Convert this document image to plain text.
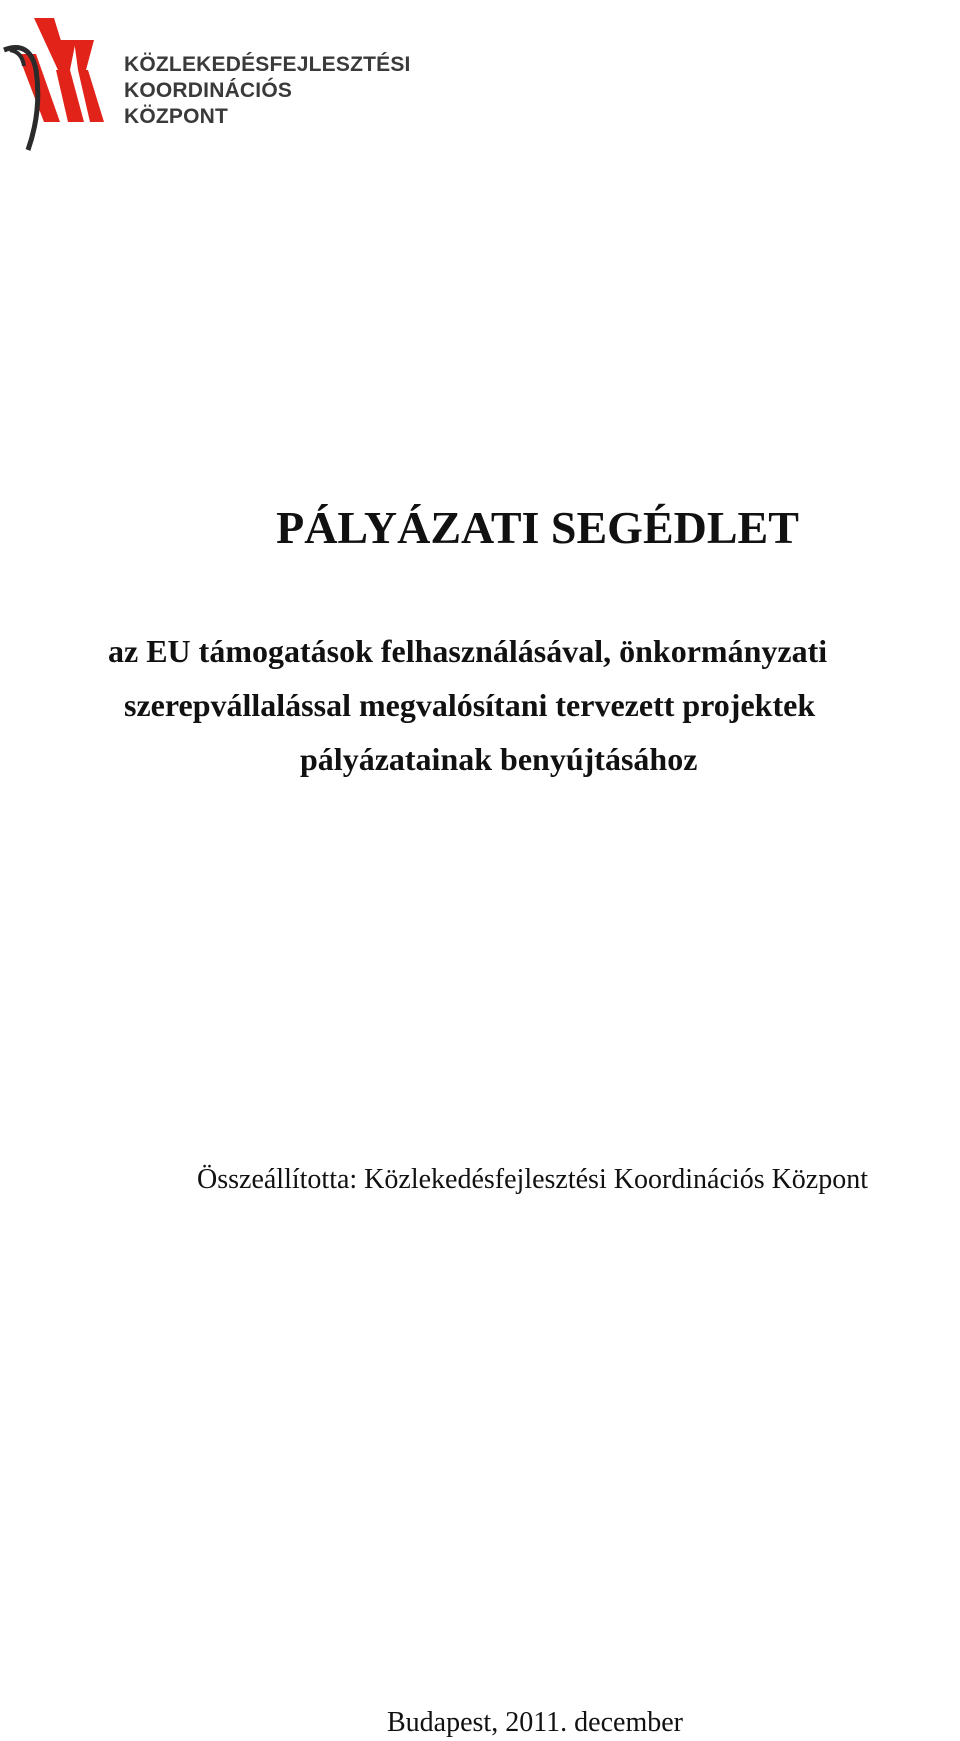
KÖZLEKEDÉSFEJLESZTÉSI
KOORDINÁCIÓS
KÖZPONT
PÁLYÁZATI SEGÉDLET
az EU támogatások felhasználásával, önkormányzati
szerepvállalással megvalósítani tervezett projektek
pályázatainak benyújtásához
Összeállította: Közlekedésfejlesztési Koordinációs Központ
Budapest, 2011. december
